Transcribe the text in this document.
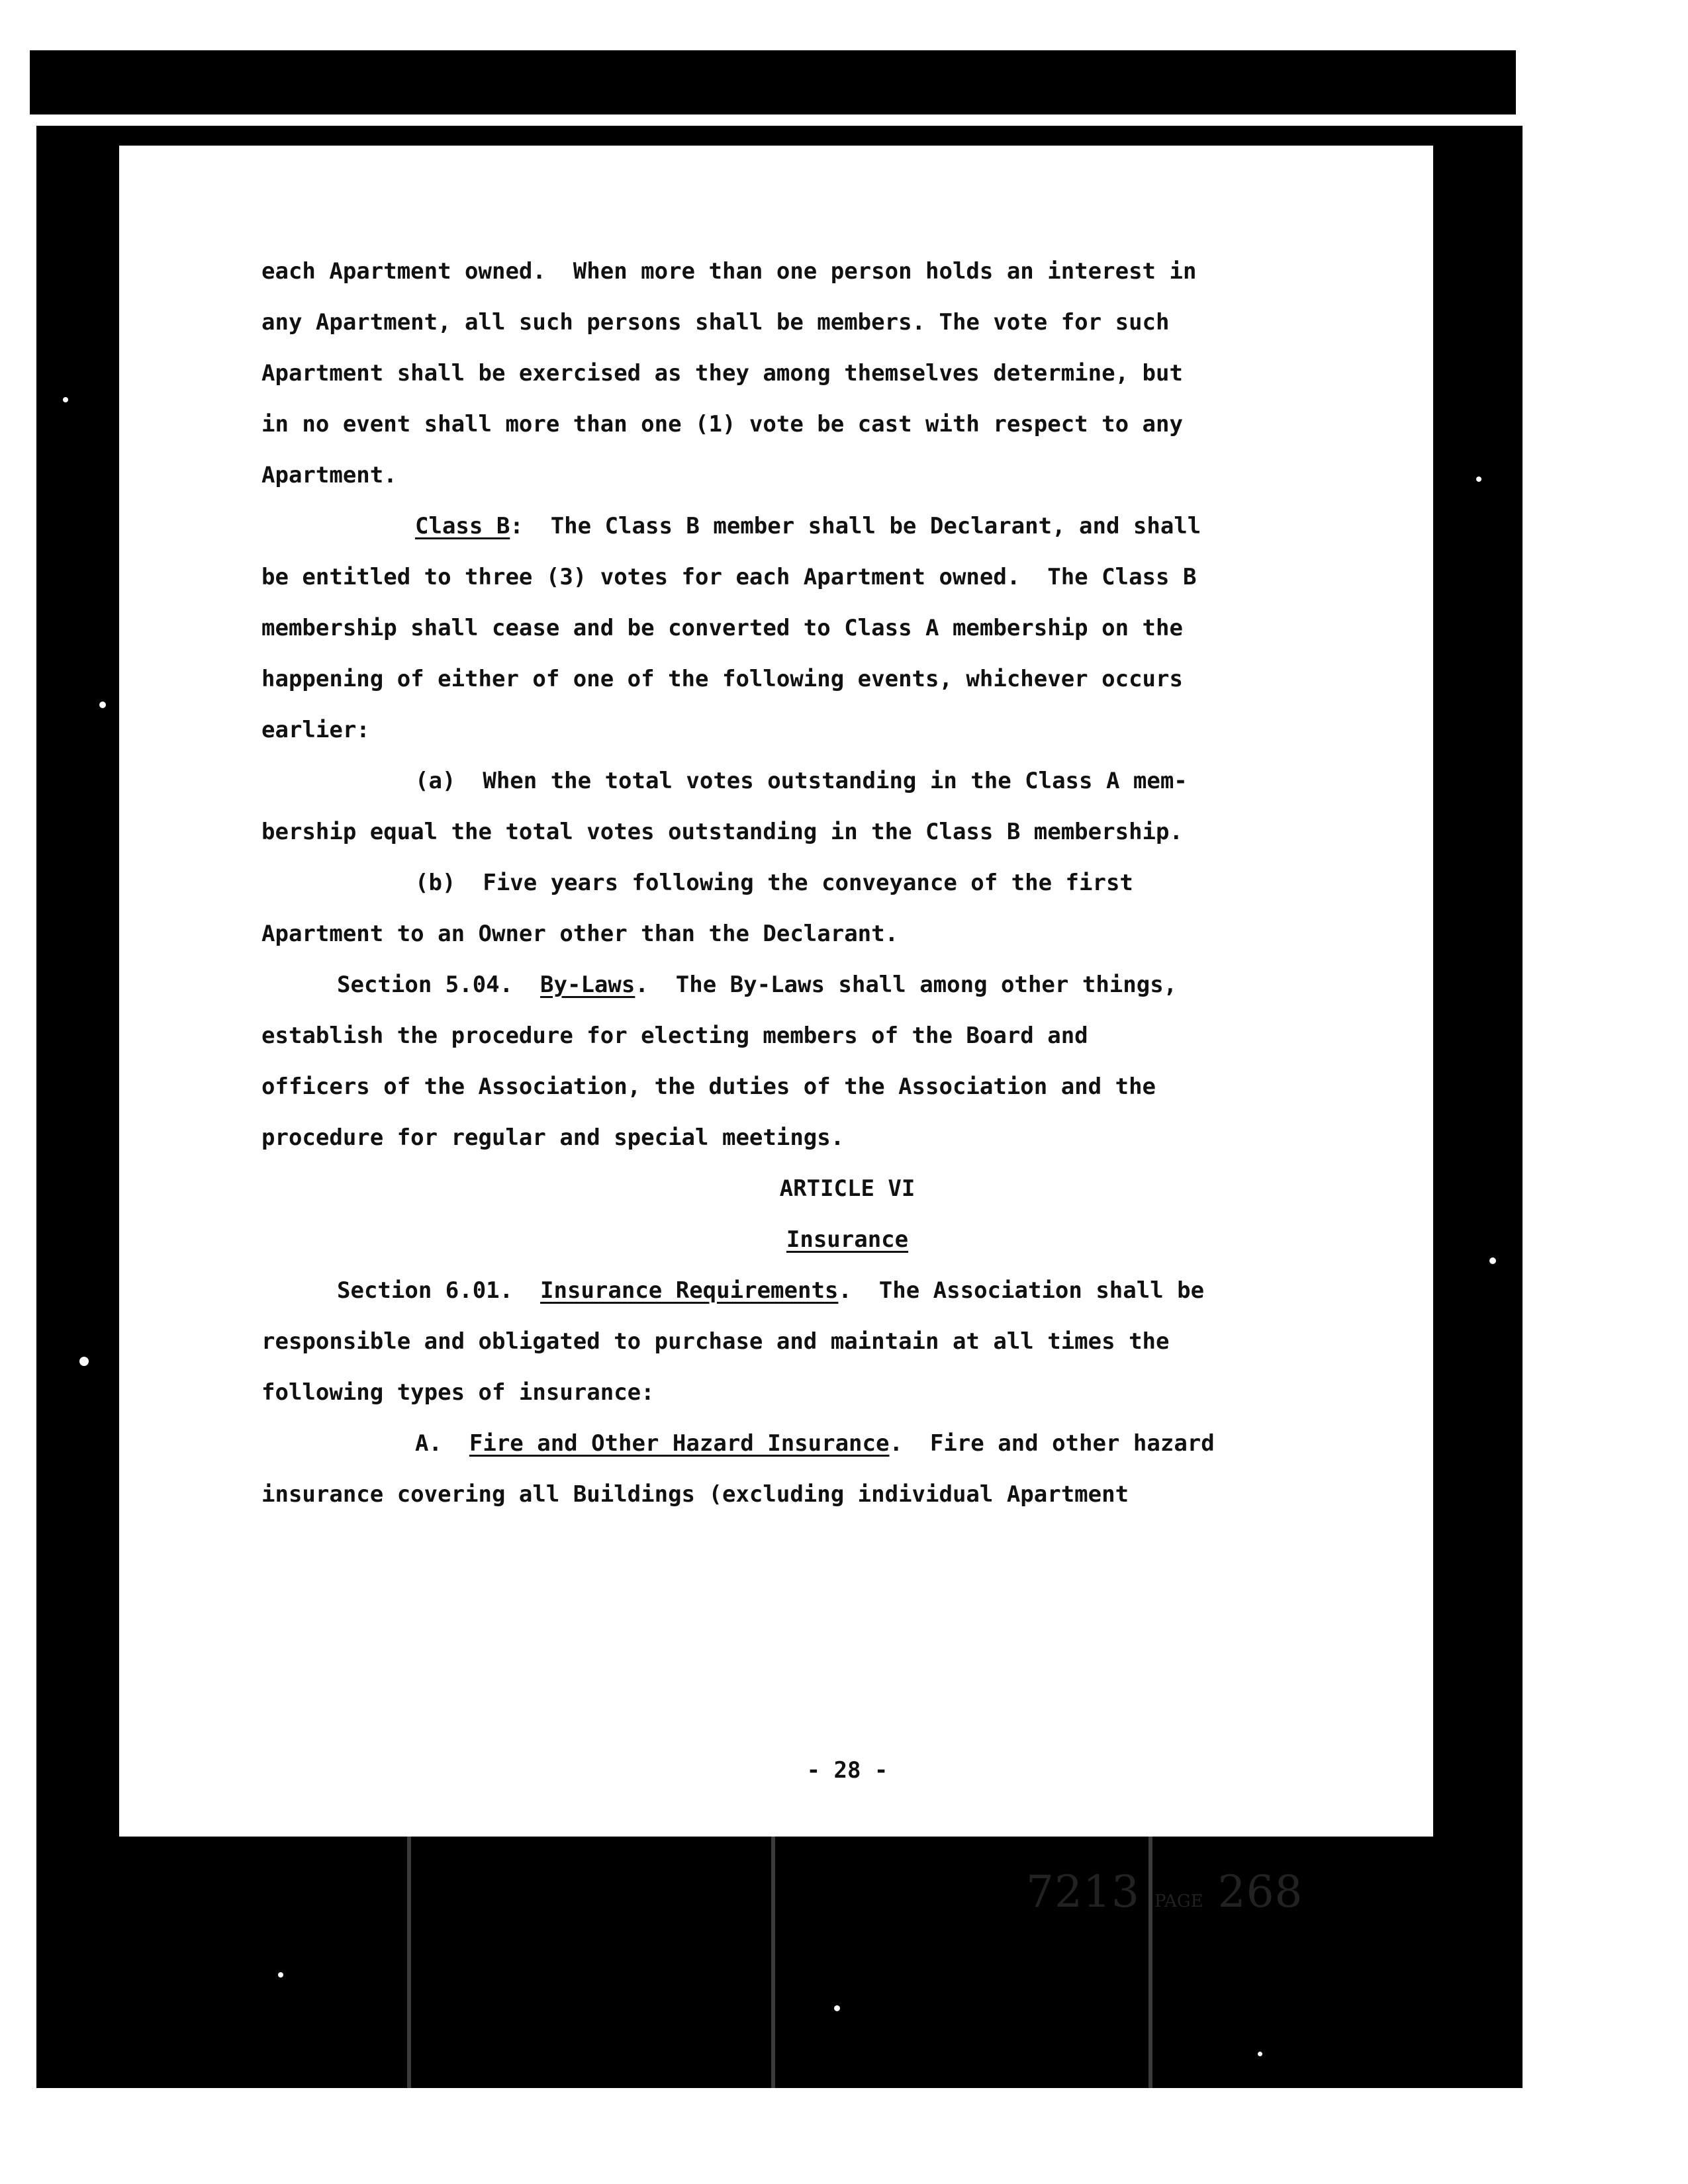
each Apartment owned.  When more than one person holds an interest in
any Apartment, all such persons shall be members. The vote for such
Apartment shall be exercised as they among themselves determine, but
in no event shall more than one (1) vote be cast with respect to any
Apartment.
Class B:  The Class B member shall be Declarant, and shall
be entitled to three (3) votes for each Apartment owned.  The Class B
membership shall cease and be converted to Class A membership on the
happening of either of one of the following events, whichever occurs
earlier:
(a)  When the total votes outstanding in the Class A mem-
bership equal the total votes outstanding in the Class B membership.
(b)  Five years following the conveyance of the first
Apartment to an Owner other than the Declarant.
Section 5.04.  By-Laws.  The By-Laws shall among other things,
establish the procedure for electing members of the Board and
officers of the Association, the duties of the Association and the
procedure for regular and special meetings.
ARTICLE VI
Insurance
Section 6.01.  Insurance Requirements.  The Association shall be
responsible and obligated to purchase and maintain at all times the
following types of insurance:
A.  Fire and Other Hazard Insurance.  Fire and other hazard
insurance covering all Buildings (excluding individual Apartment
- 28 -
7213 PAGE 268
of 78
4 PM
